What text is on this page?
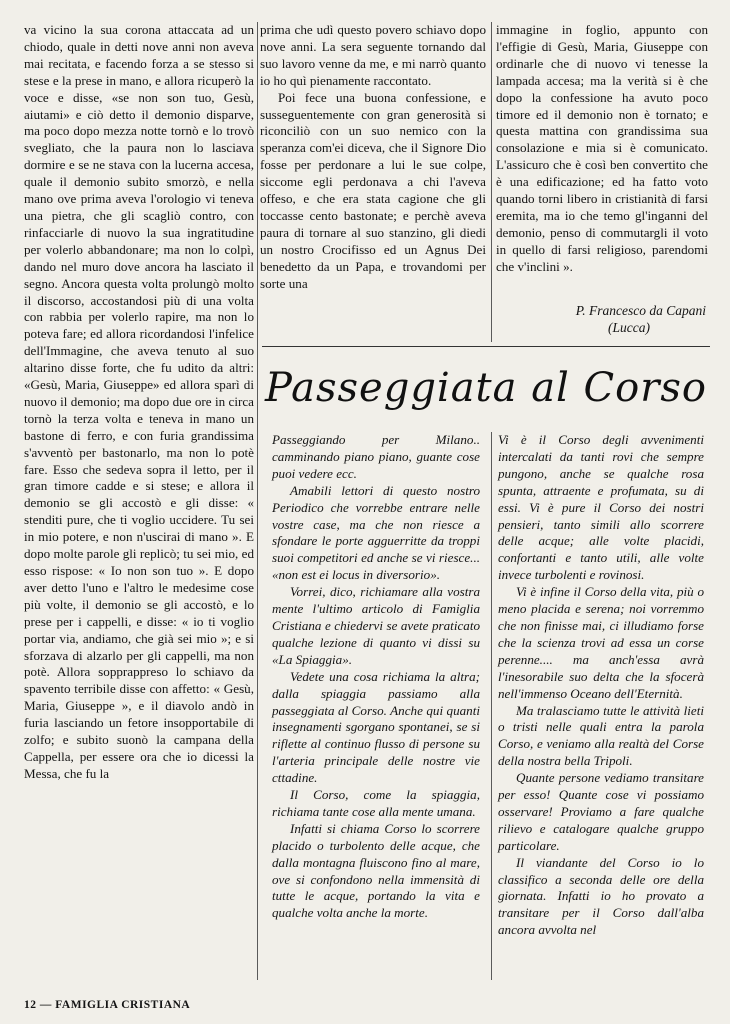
va vicino la sua corona attaccata ad un chiodo, quale in detti nove anni non aveva mai recitata, e facendo forza a se stesso si stese e la prese in mano, e allora ricuperò la voce e disse, «se non son tuo, Gesù, aiutami» e ciò detto il demonio disparve, ma poco dopo mezza notte tornò e lo trovò svegliato, che la paura non lo lasciava dormire e se ne stava con la lucerna accesa, quale il demonio subito smorzò, e nella mano ove prima aveva l'orologio vi teneva una pietra, che gli scagliò contro, con rinfacciarle di nuovo la sua ingratitudine per volerlo abbandonare; ma non lo colpì, dando nel muro dove ancora ha lasciato il segno. Ancora questa volta prolungò molto il discorso, accostandosi più di una volta con rabbia per volerlo rapire, ma non lo poteva fare; ed allora ricordandosi l'infelice dell'Immagine, che aveva tenuto al suo altarino disse forte, che fu udito da altri: «Gesù, Maria, Giuseppe» ed allora sparì di nuovo il demonio; ma dopo due ore in circa tornò la terza volta e teneva in mano un bastone di ferro, e con furia grandissima s'avventò per bastonarlo, ma non lo potè fare. Esso che sedeva sopra il letto, per il gran timore cadde e si stese; e allora il demonio se gli accostò e gli disse: « stenditi pure, che ti voglio uccidere. Tu sei in mio potere, e non n'uscirai di mano ». E dopo molte parole gli replicò; tu sei mio, ed esso rispose: « Io non son tuo ». E dopo aver detto l'uno e l'altro le medesime cose più volte, il demonio se gli accostò, e lo prese per i cappelli, e disse: « io ti voglio portar via, andiamo, che già sei mio »; e si sforzava di alzarlo per gli cappelli, ma non potè. Allora sopprappreso lo schiavo da spavento terribile disse con affetto: « Gesù, Maria, Giuseppe », e il diavolo andò in furia lasciando un fetore insopportabile di zolfo; e subito suonò la campana della Cappella, per essere ora che io dicessi la Messa, che fu la

prima che udì questo povero schiavo dopo nove anni. La sera seguente tornando dal suo lavoro venne da me, e mi narrò quanto io ho quì pienamente raccontato.

Poi fece una buona confessione, e susseguentemente con gran generosità si riconciliò con un suo nemico con la speranza com'ei diceva, che il Signore Dio fosse per perdonare a lui le sue colpe, siccome egli perdonava a chi l'aveva offeso, e che era stata cagione che gli toccasse cento bastonate; e perchè aveva paura di tornare al suo stanzino, gli diedi un nostro Crocifisso ed un Agnus Dei benedetto da un Papa, e trovandomi per sorte una

immagine in foglio, appunto con l'effigie di Gesù, Maria, Giuseppe con ordinarle che di nuovo vi tenesse la lampada accesa; ma la verità si è che dopo la confessione ha avuto poco timore ed il demonio non è tornato; e questa mattina con grandissima sua consolazione e mia si è comunicato. L'assicuro che è così ben convertito che è una edificazione; ed ha fatto voto quando torni libero in cristianità di farsi eremita, ma io che temo gl'inganni del demonio, penso di commutargli il voto in quello di farsi religioso, parendomi che v'inclini ».

P. Francesco da Capani
(Lucca)
Passeggiata al Corso

Passeggiando per Milano.. camminando piano piano, guante cose puoi vedere ecc.

Amabili lettori di questo nostro Periodico che vorrebbe entrare nelle vostre case, ma che non riesce a sfondare le porte agguerritte da troppi suoi competitori ed anche se vi riesce... «non est ei locus in diversorio».

Vorrei, dico, richiamare alla vostra mente l'ultimo articolo di Famiglia Cristiana e chiedervi se avete praticato qualche lezione di quanto vi dissi su «La Spiaggia».

Vedete una cosa richiama la altra; dalla spiaggia passiamo alla passeggiata al Corso. Anche qui quanti insegnamenti sgorgano spontanei, se si riflette al continuo flusso di persone su l'arteria principale delle nostre vie cttadine.

Il Corso, come la spiaggia, richiama tante cose alla mente umana.

Infatti si chiama Corso lo scorrere placido o turbolento delle acque, che dalla montagna fluiscono fino al mare, ove si confondono nella immensità di tutte le acque, portando la vita e qualche volta anche la morte.

Vi è il Corso degli avvenimenti intercalati da tanti rovi che sempre pungono, anche se qualche rosa spunta, attraente e profumata, su di essi. Vi è pure il Corso dei nostri pensieri, tanto simili allo scorrere delle acque; alle volte placidi, confortanti e tanto utili, alle volte invece turbolenti e rovinosi.

Vi è infine il Corso della vita, più o meno placida e serena; noi vorremmo che non finisse mai, ci illudiamo forse che la scienza trovi ad essa un corse perenne.... ma anch'essa avrà l'inesorabile suo delta che la sfocerà nell'immenso Oceano dell'Eternità.

Ma tralasciamo tutte le attività lieti o tristi nelle quali entra la parola Corso, e veniamo alla realtà del Corse della nostra bella Tripoli.

Quante persone vediamo transitare per esso! Quante cose vi possiamo osservare! Proviamo a fare qualche rilievo e catalogare qualche gruppo particolare.

Il viandante del Corso io lo classifico a seconda delle ore della giornata. Infatti io ho provato a transitare per il Corso dall'alba ancora avvolta nel

12 — FAMIGLIA CRISTIANA
